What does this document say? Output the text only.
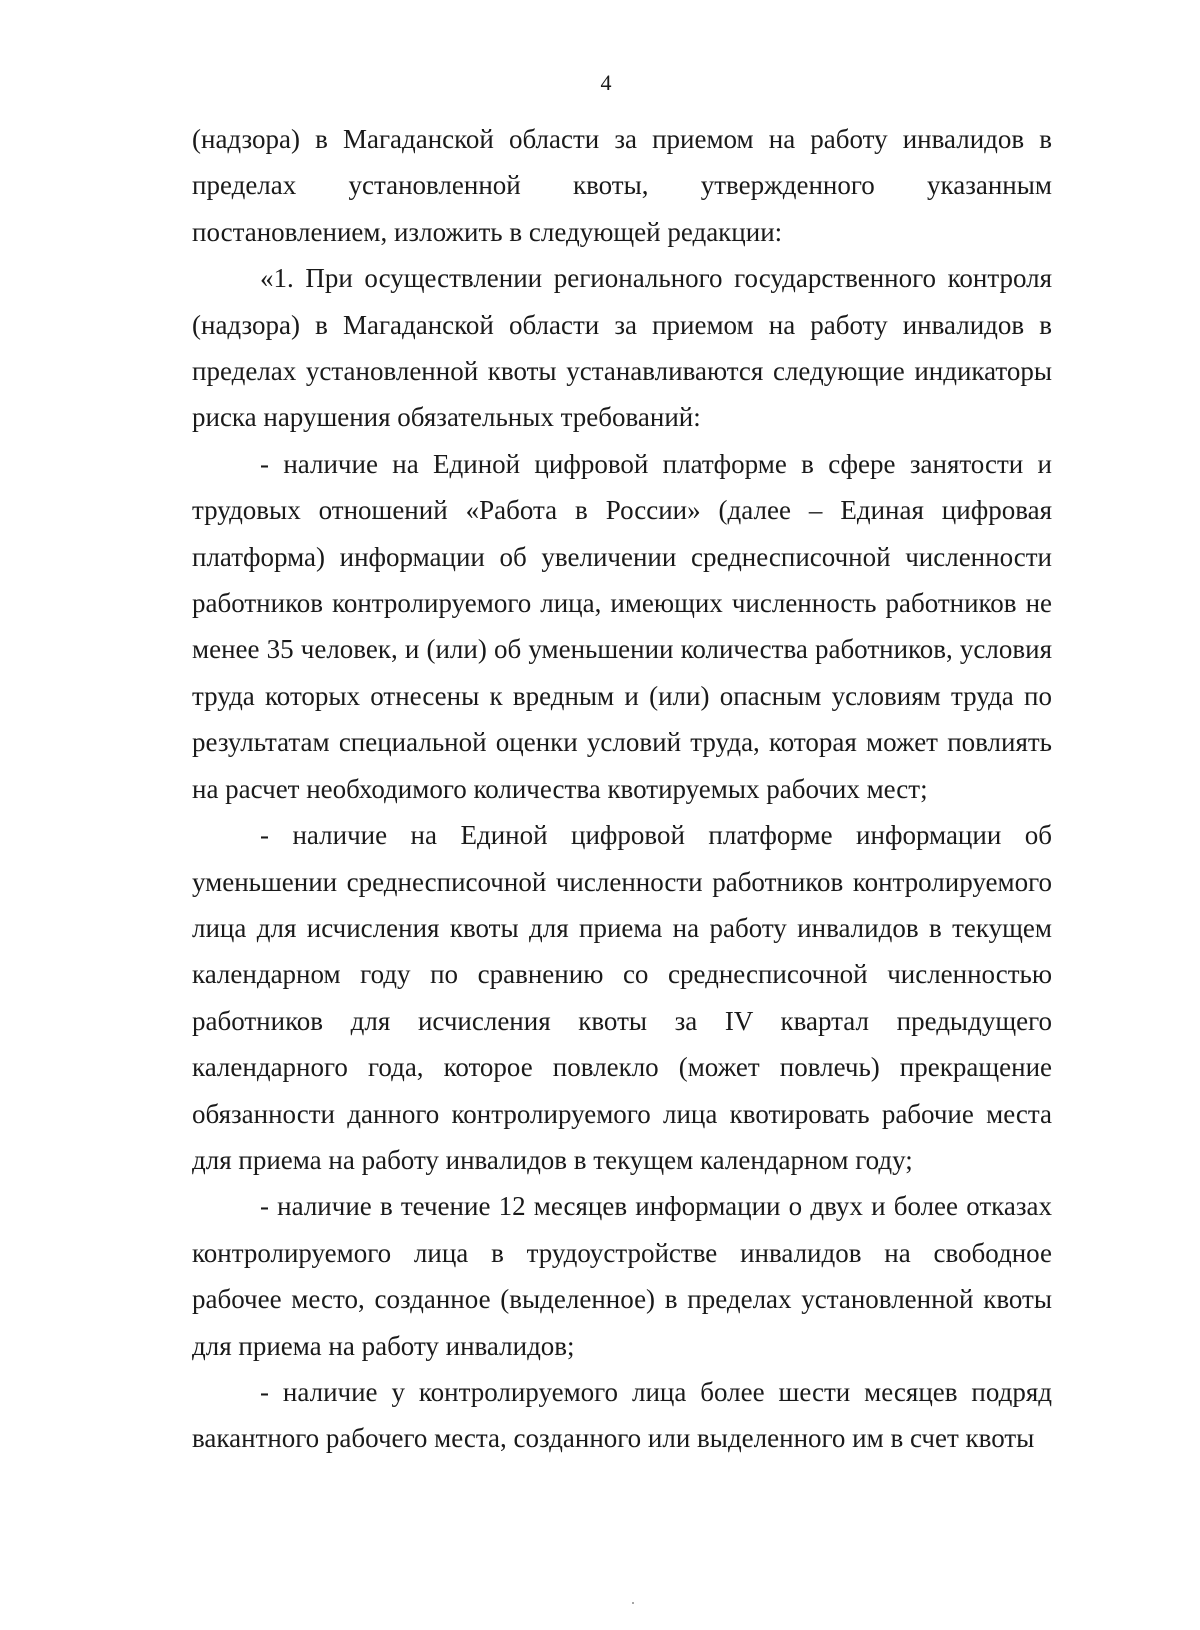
4

(надзора) в Магаданской области за приемом на работу инвалидов в пределах установленной квоты, утвержденного указанным постановлением, изложить в следующей редакции:

«1. При осуществлении регионального государственного контроля (надзора) в Магаданской области за приемом на работу инвалидов в пределах установленной квоты устанавливаются следующие индикаторы риска нарушения обязательных требований:

- наличие на Единой цифровой платформе в сфере занятости и трудовых отношений «Работа в России» (далее – Единая цифровая платформа) информации об увеличении среднесписочной численности работников контролируемого лица, имеющих численность работников не менее 35 человек, и (или) об уменьшении количества работников, условия труда которых отнесены к вредным и (или) опасным условиям труда по результатам специальной оценки условий труда, которая может повлиять на расчет необходимого количества квотируемых рабочих мест;

- наличие на Единой цифровой платформе информации об уменьшении среднесписочной численности работников контролируемого лица для исчисления квоты для приема на работу инвалидов в текущем календарном году по сравнению со среднесписочной численностью работников для исчисления квоты за IV квартал предыдущего календарного года, которое повлекло (может повлечь) прекращение обязанности данного контролируемого лица квотировать рабочие места для приема на работу инвалидов в текущем календарном году;

- наличие в течение 12 месяцев информации о двух и более отказах контролируемого лица в трудоустройстве инвалидов на свободное рабочее место, созданное (выделенное) в пределах установленной квоты для приема на работу инвалидов;

- наличие у контролируемого лица более шести месяцев подряд вакантного рабочего места, созданного или выделенного им в счет квоты
